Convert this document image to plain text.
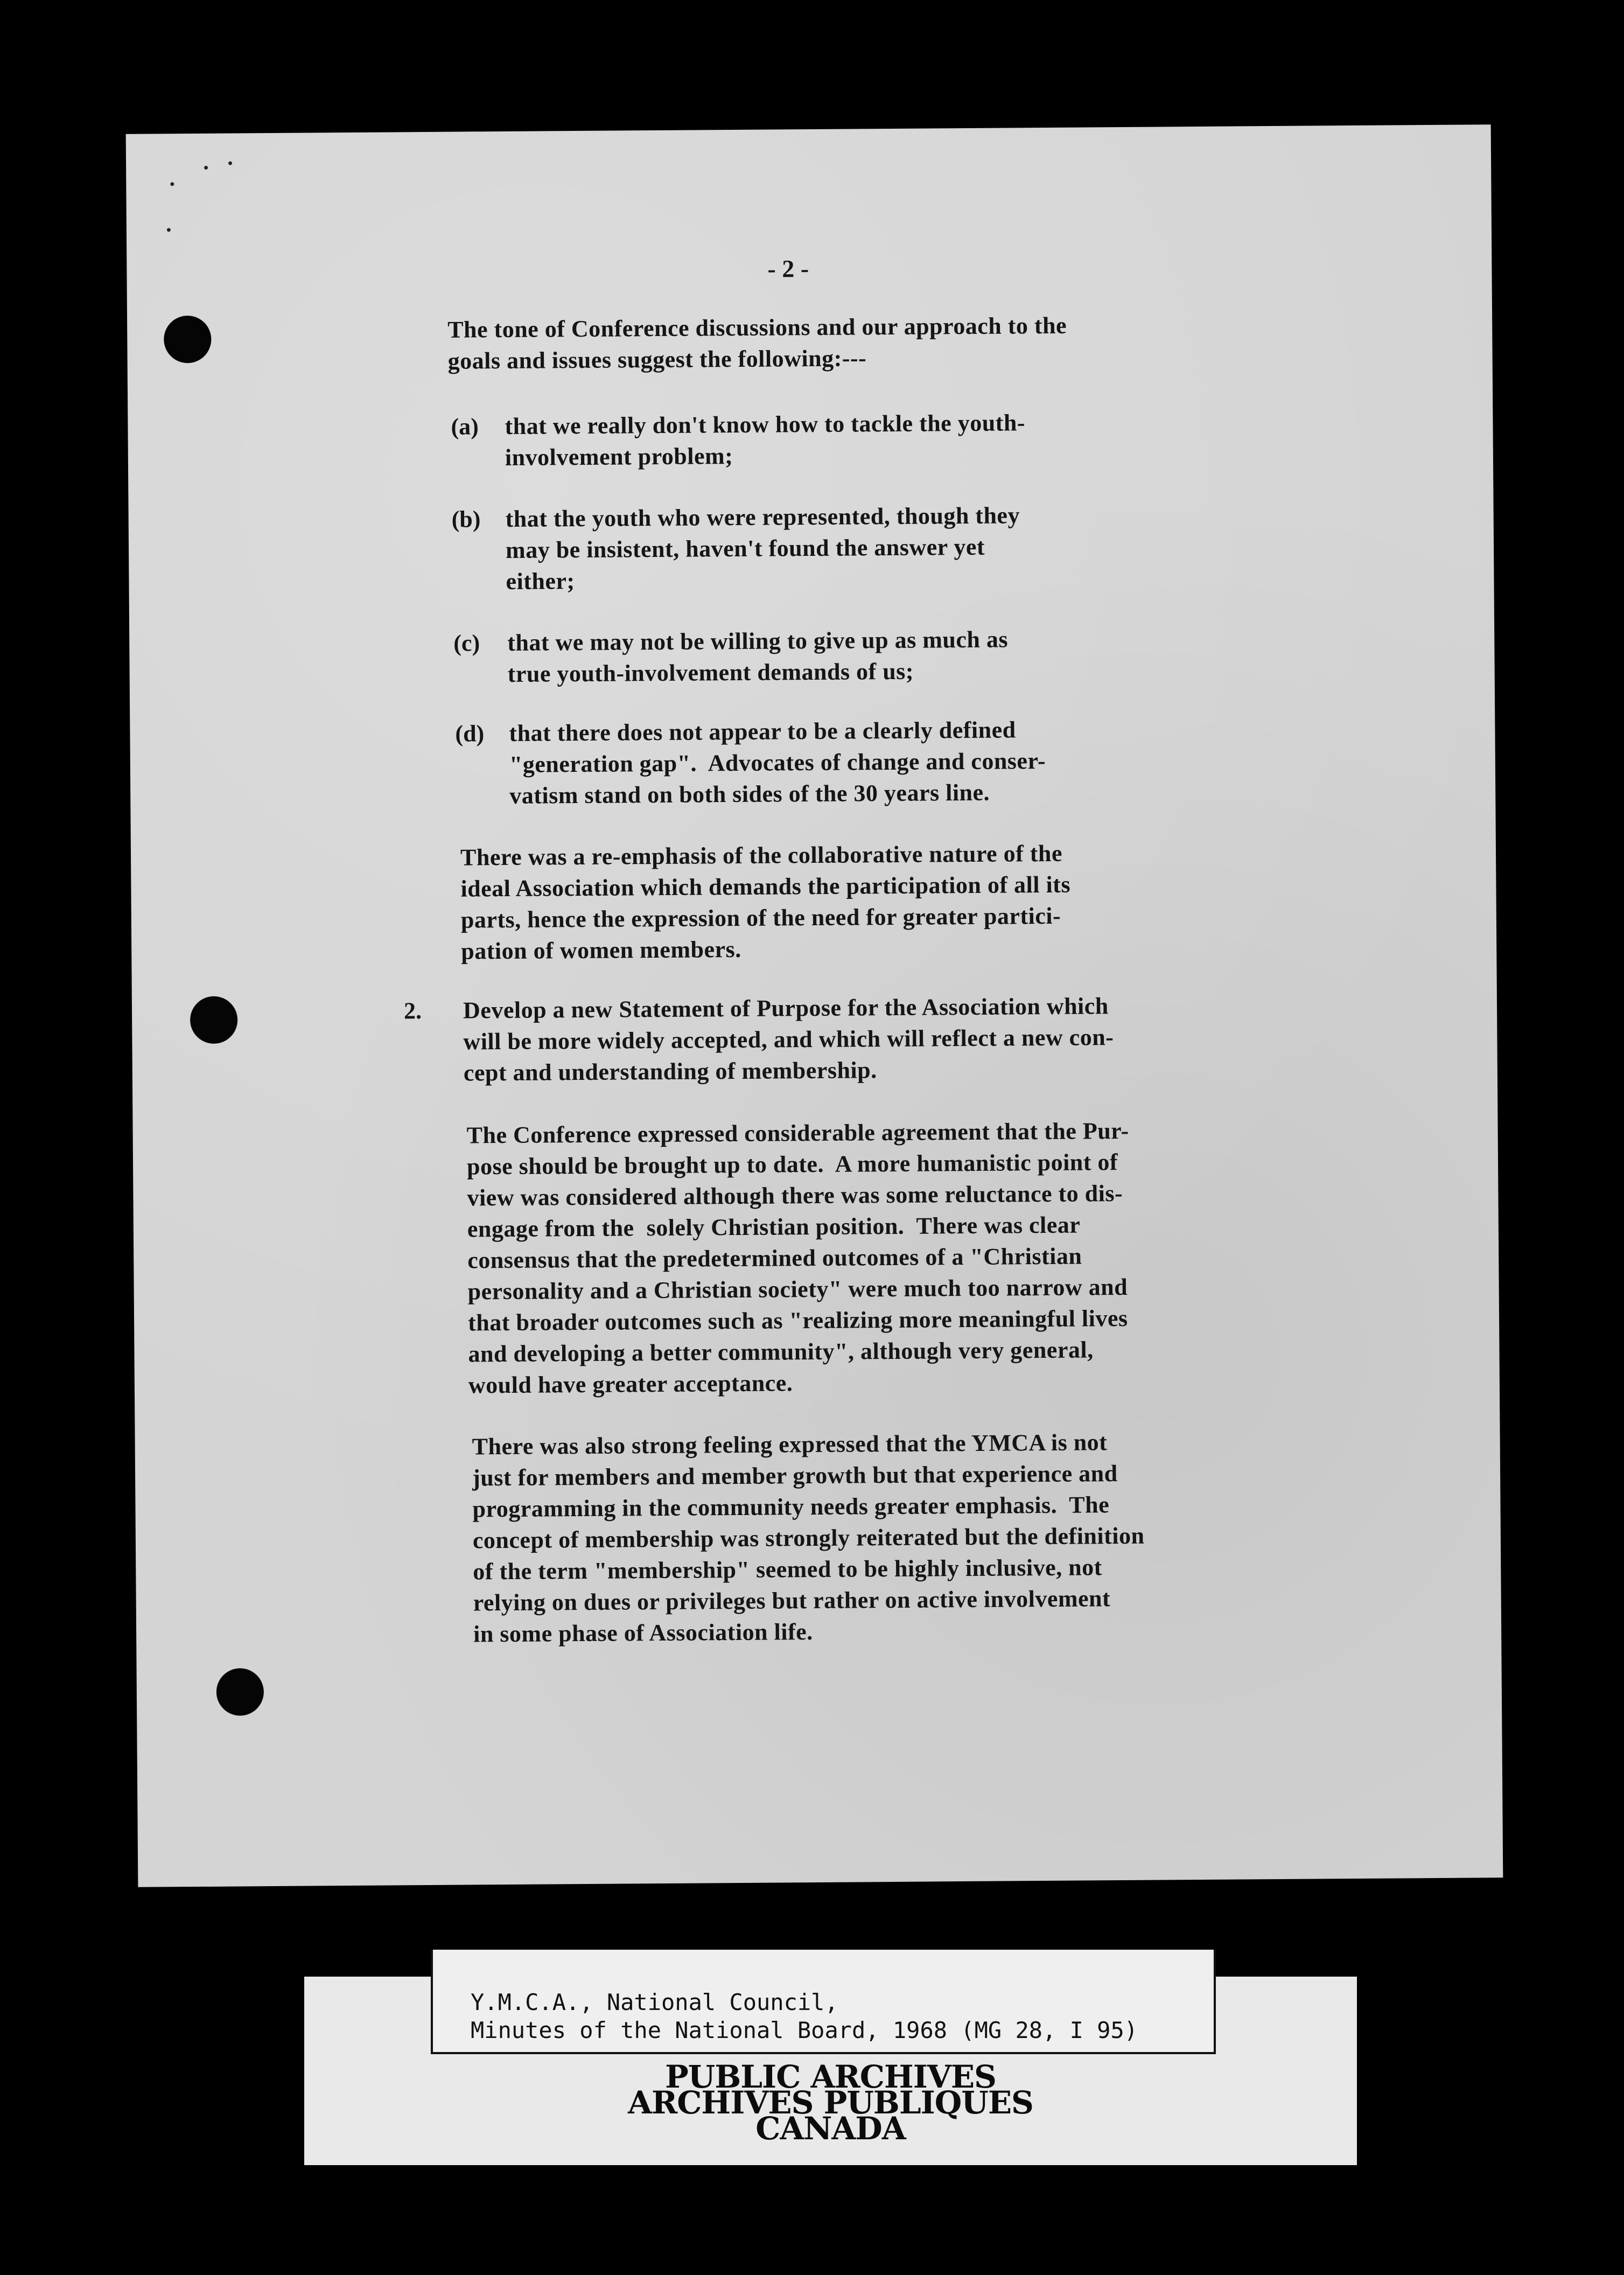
- 2 -
The tone of Conference discussions and our approach to the
goals and issues suggest the following:---
(a) that we really don't know how to tackle the youth-
involvement problem;
(b) that the youth who were represented, though they
may be insistent, haven't found the answer yet
either;
(c) that we may not be willing to give up as much as
true youth-involvement demands of us;
(d) that there does not appear to be a clearly defined
"generation gap".  Advocates of change and conser-
vatism stand on both sides of the 30 years line.
There was a re-emphasis of the collaborative nature of the
ideal Association which demands the participation of all its
parts, hence the expression of the need for greater partici-
pation of women members.
2. Develop a new Statement of Purpose for the Association which
will be more widely accepted, and which will reflect a new con-
cept and understanding of membership.
The Conference expressed considerable agreement that the Pur-
pose should be brought up to date.  A more humanistic point of
view was considered although there was some reluctance to dis-
engage from the  solely Christian position.  There was clear
consensus that the predetermined outcomes of a "Christian
personality and a Christian society" were much too narrow and
that broader outcomes such as "realizing more meaningful lives
and developing a better community", although very general,
would have greater acceptance.
There was also strong feeling expressed that the YMCA is not
just for members and member growth but that experience and
programming in the community needs greater emphasis.  The
concept of membership was strongly reiterated but the definition
of the term "membership" seemed to be highly inclusive, not
relying on dues or privileges but rather on active involvement
in some phase of Association life.
PUBLIC ARCHIVES
ARCHIVES PUBLIQUES
CANADA
Y.M.C.A., National Council,
Minutes of the National Board, 1968 (MG 28, I 95)
